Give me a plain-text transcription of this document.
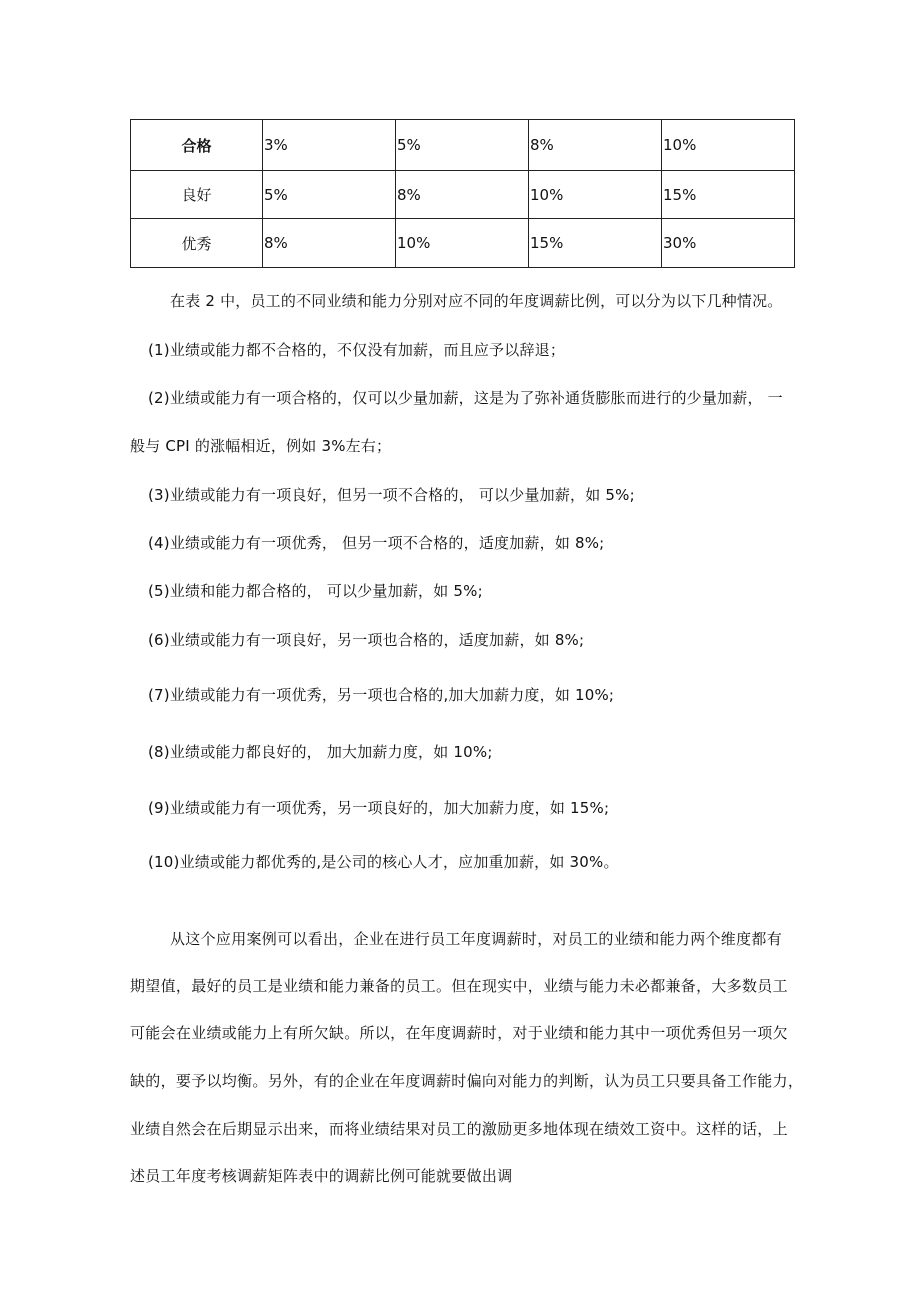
合格	3%	5%	8%	10%
良好	5%	8%	10%	15%
优秀	8%	10%	15%	30%
在表 2 中，员工的不同业绩和能力分别对应不同的年度调薪比例，可以分为以下几种情况。
(1)业绩或能力都不合格的，不仅没有加薪，而且应予以辞退；
(2)业绩或能力有一项合格的，仅可以少量加薪，这是为了弥补通货膨胀而进行的少量加薪， 一
般与 CPI 的涨幅相近，例如 3%左右；
(3)业绩或能力有一项良好，但另一项不合格的， 可以少量加薪，如 5%;
(4)业绩或能力有一项优秀， 但另一项不合格的，适度加薪，如 8%;
(5)业绩和能力都合格的， 可以少量加薪，如 5%;
(6)业绩或能力有一项良好，另一项也合格的，适度加薪，如 8%;
(7)业绩或能力有一项优秀，另一项也合格的,加大加薪力度，如 10%;
(8)业绩或能力都良好的， 加大加薪力度，如 10%;
(9)业绩或能力有一项优秀，另一项良好的，加大加薪力度，如 15%;
(10)业绩或能力都优秀的,是公司的核心人才，应加重加薪，如 30%。
从这个应用案例可以看出，企业在进行员工年度调薪时，对员工的业绩和能力两个维度都有
期望值，最好的员工是业绩和能力兼备的员工。但在现实中，业绩与能力未必都兼备，大多数员工
可能会在业绩或能力上有所欠缺。所以，在年度调薪时，对于业绩和能力其中一项优秀但另一项欠
缺的，要予以均衡。另外，有的企业在年度调薪时偏向对能力的判断，认为员工只要具备工作能力，
业绩自然会在后期显示出来，而将业绩结果对员工的激励更多地体现在绩效工资中。这样的话，上
述员工年度考核调薪矩阵表中的调薪比例可能就要做出调
